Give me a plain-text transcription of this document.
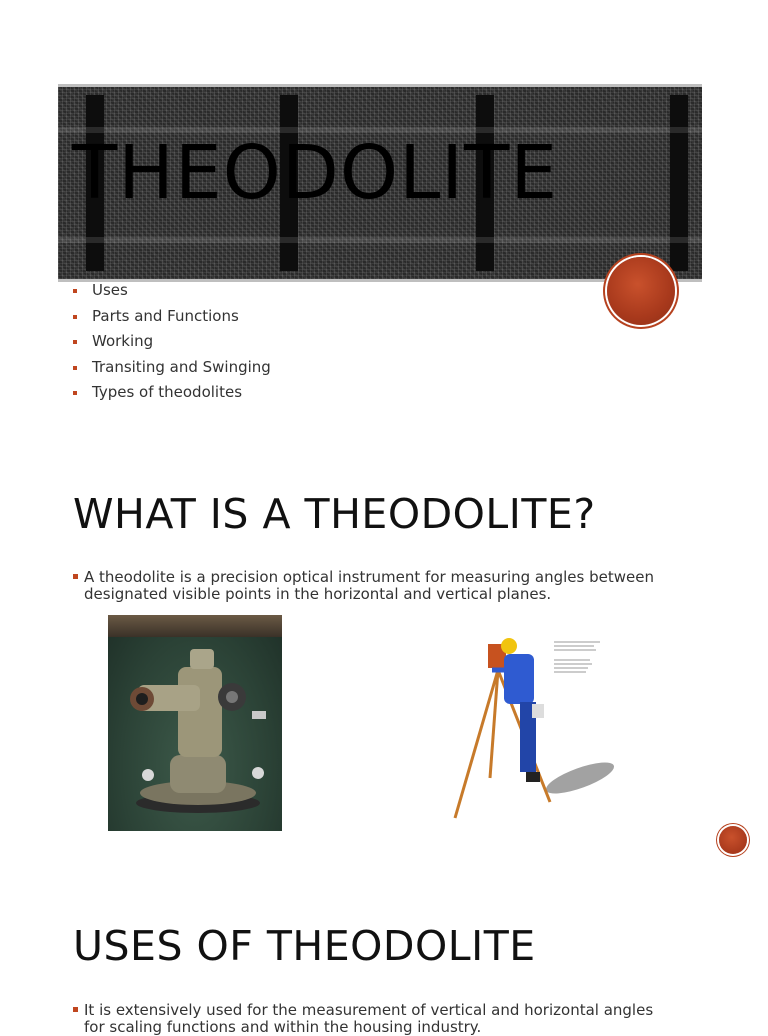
THEODOLITE
Uses
Parts and Functions
Working
Transiting and Swinging
Types of theodolites
WHAT IS A THEODOLITE?

A theodolite is a precision optical instrument for measuring angles between
designated visible points in the horizontal and vertical planes.

USES OF THEODOLITE

It is extensively used for the measurement of vertical and horizontal angles
for scaling functions and within the housing industry.
